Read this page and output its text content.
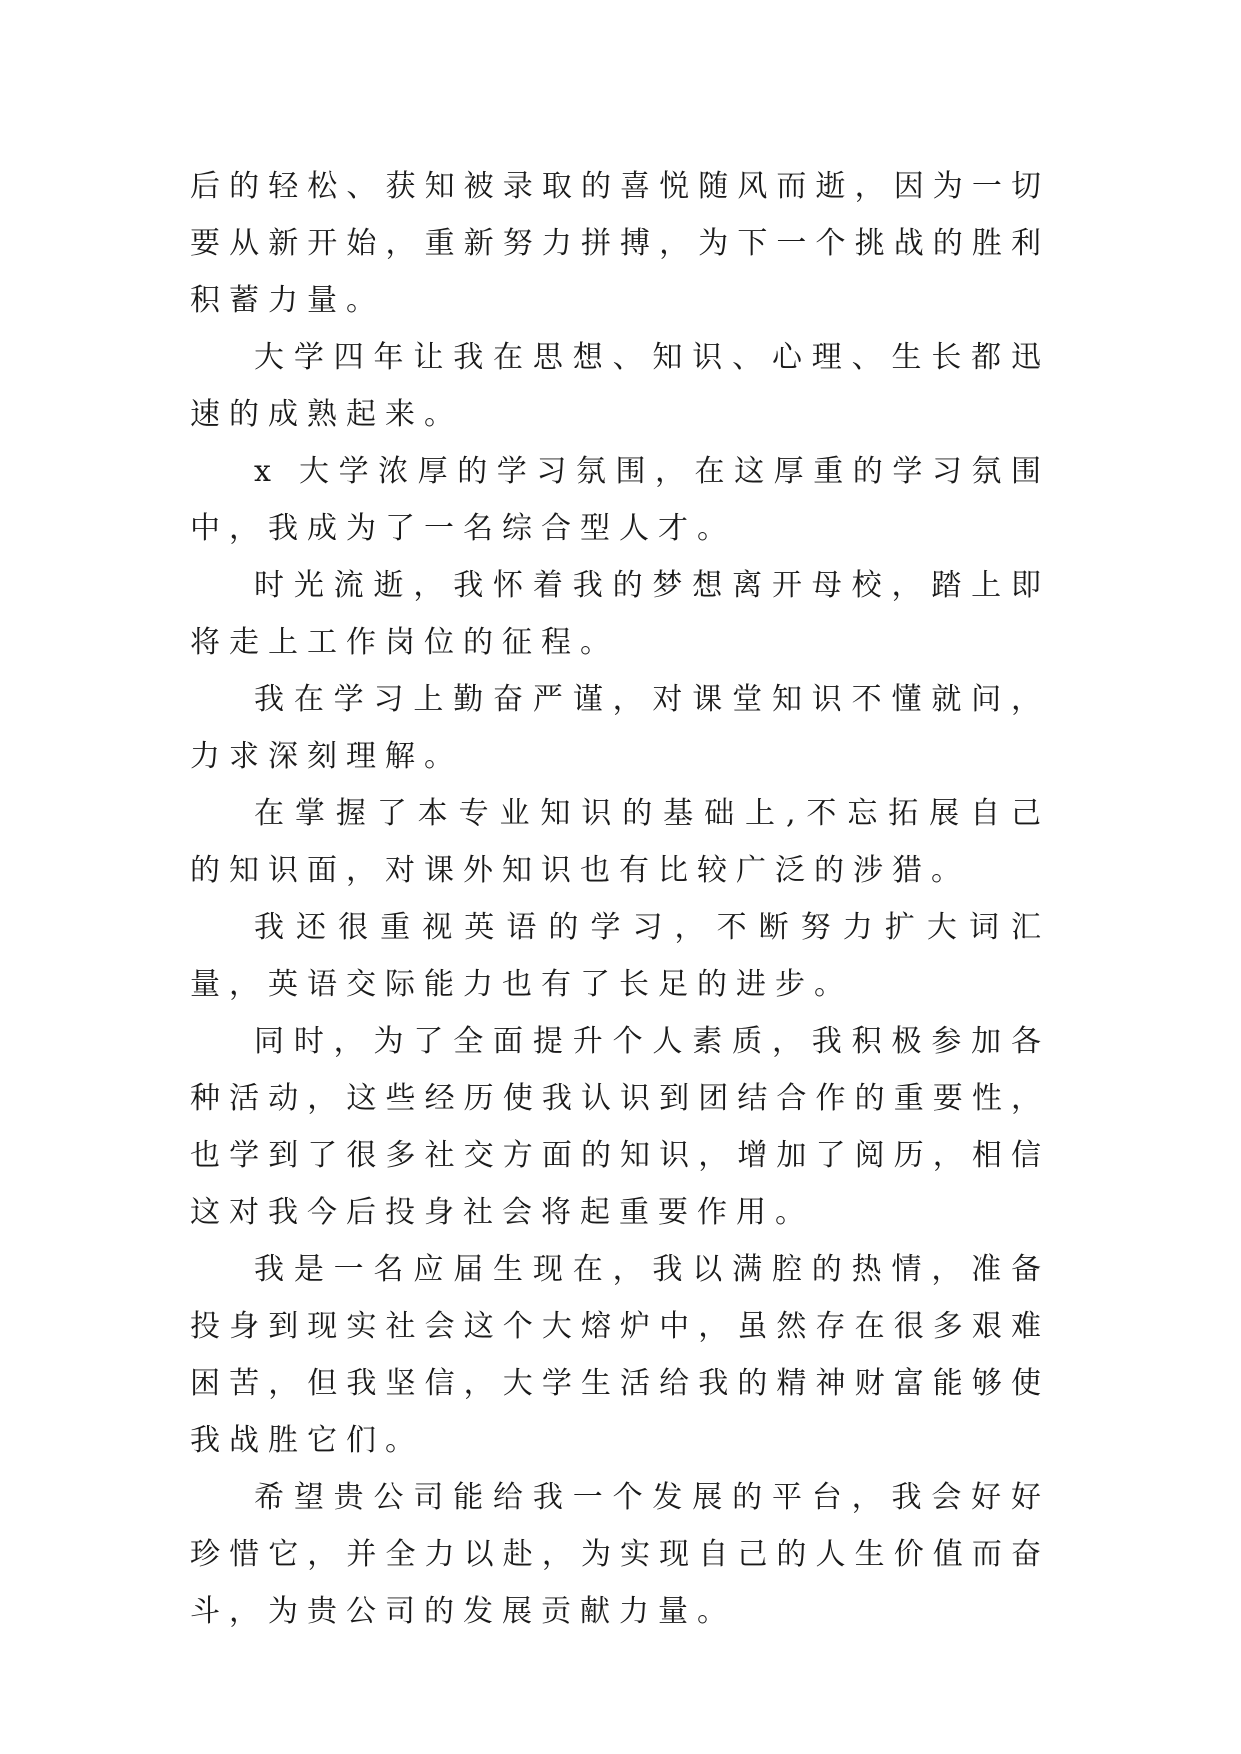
后的轻松、获知被录取的喜悦随风而逝，因为一切要从新开始，重新努力拼搏，为下一个挑战的胜利积蓄力量。

大学四年让我在思想、知识、心理、生长都迅速的成熟起来。

x 大学浓厚的学习氛围，在这厚重的学习氛围中，我成为了一名综合型人才。

时光流逝，我怀着我的梦想离开母校，踏上即将走上工作岗位的征程。

我在学习上勤奋严谨，对课堂知识不懂就问，力求深刻理解。

在掌握了本专业知识的基础上,不忘拓展自己的知识面，对课外知识也有比较广泛的涉猎。

我还很重视英语的学习，不断努力扩大词汇量，英语交际能力也有了长足的进步。

同时，为了全面提升个人素质，我积极参加各种活动，这些经历使我认识到团结合作的重要性，也学到了很多社交方面的知识，增加了阅历，相信这对我今后投身社会将起重要作用。

我是一名应届生现在，我以满腔的热情，准备投身到现实社会这个大熔炉中，虽然存在很多艰难困苦，但我坚信，大学生活给我的精神财富能够使我战胜它们。

希望贵公司能给我一个发展的平台，我会好好珍惜它，并全力以赴，为实现自己的人生价值而奋斗，为贵公司的发展贡献力量。
